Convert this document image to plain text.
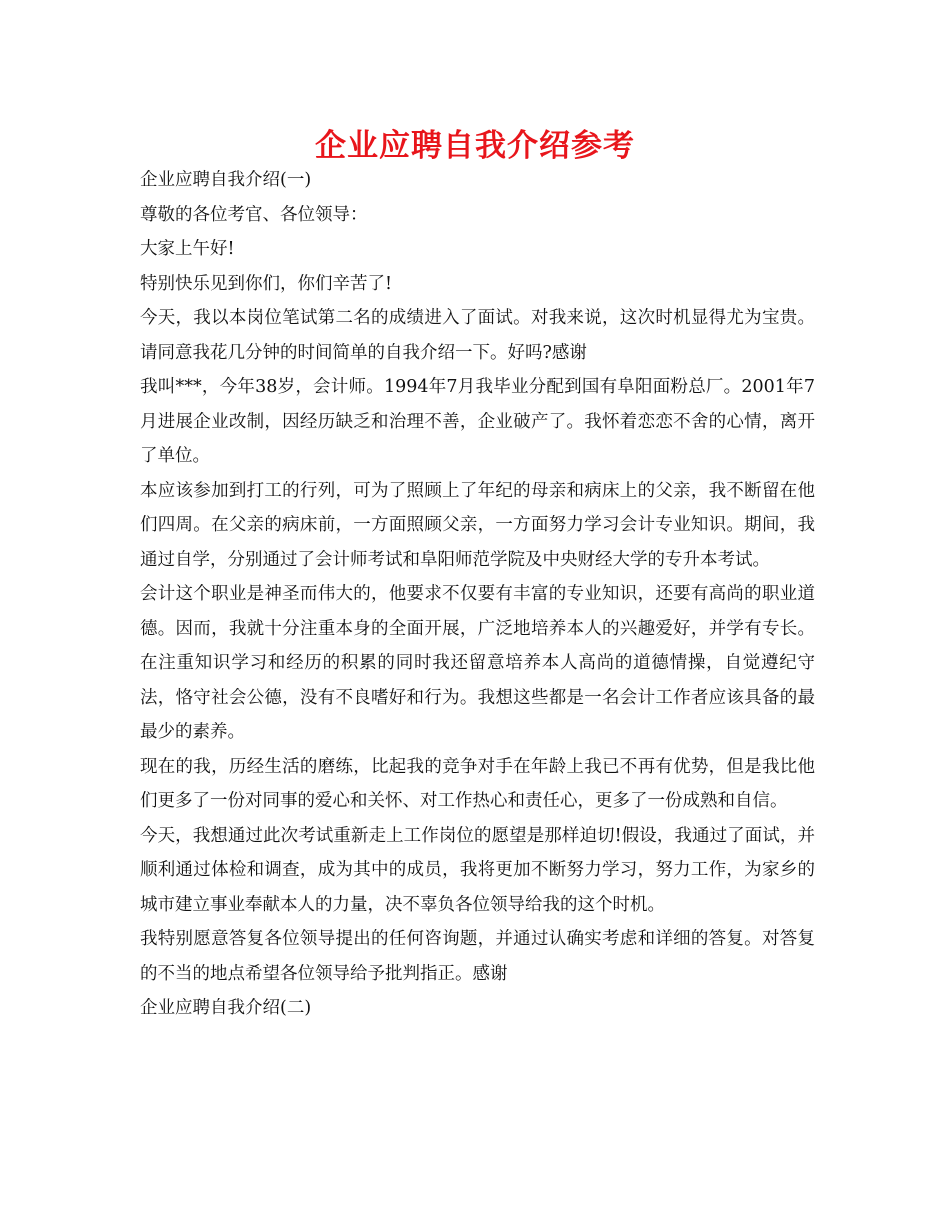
企业应聘自我介绍参考

企业应聘自我介绍(一)

尊敬的各位考官、各位领导：

大家上午好!

特别快乐见到你们，你们辛苦了!

今天，我以本岗位笔试第二名的成绩进入了面试。对我来说，这次时机显得尤为宝贵。请同意我花几分钟的时间简单的自我介绍一下。好吗?感谢

我叫***，今年38岁，会计师。1994年7月我毕业分配到国有阜阳面粉总厂。2001年7月进展企业改制，因经历缺乏和治理不善，企业破产了。我怀着恋恋不舍的心情，离开了单位。

本应该参加到打工的行列，可为了照顾上了年纪的母亲和病床上的父亲，我不断留在他们四周。在父亲的病床前，一方面照顾父亲，一方面努力学习会计专业知识。期间，我通过自学，分别通过了会计师考试和阜阳师范学院及中央财经大学的专升本考试。

会计这个职业是神圣而伟大的，他要求不仅要有丰富的专业知识，还要有高尚的职业道德。因而，我就十分注重本身的全面开展，广泛地培养本人的兴趣爱好，并学有专长。在注重知识学习和经历的积累的同时我还留意培养本人高尚的道德情操，自觉遵纪守法，恪守社会公德，没有不良嗜好和行为。我想这些都是一名会计工作者应该具备的最最少的素养。

现在的我，历经生活的磨练，比起我的竞争对手在年龄上我已不再有优势，但是我比他们更多了一份对同事的爱心和关怀、对工作热心和责任心，更多了一份成熟和自信。

今天，我想通过此次考试重新走上工作岗位的愿望是那样迫切!假设，我通过了面试，并顺利通过体检和调查，成为其中的成员，我将更加不断努力学习，努力工作，为家乡的城市建立事业奉献本人的力量，决不辜负各位领导给我的这个时机。

我特别愿意答复各位领导提出的任何咨询题，并通过认确实考虑和详细的答复。对答复的不当的地点希望各位领导给予批判指正。感谢

企业应聘自我介绍(二)
